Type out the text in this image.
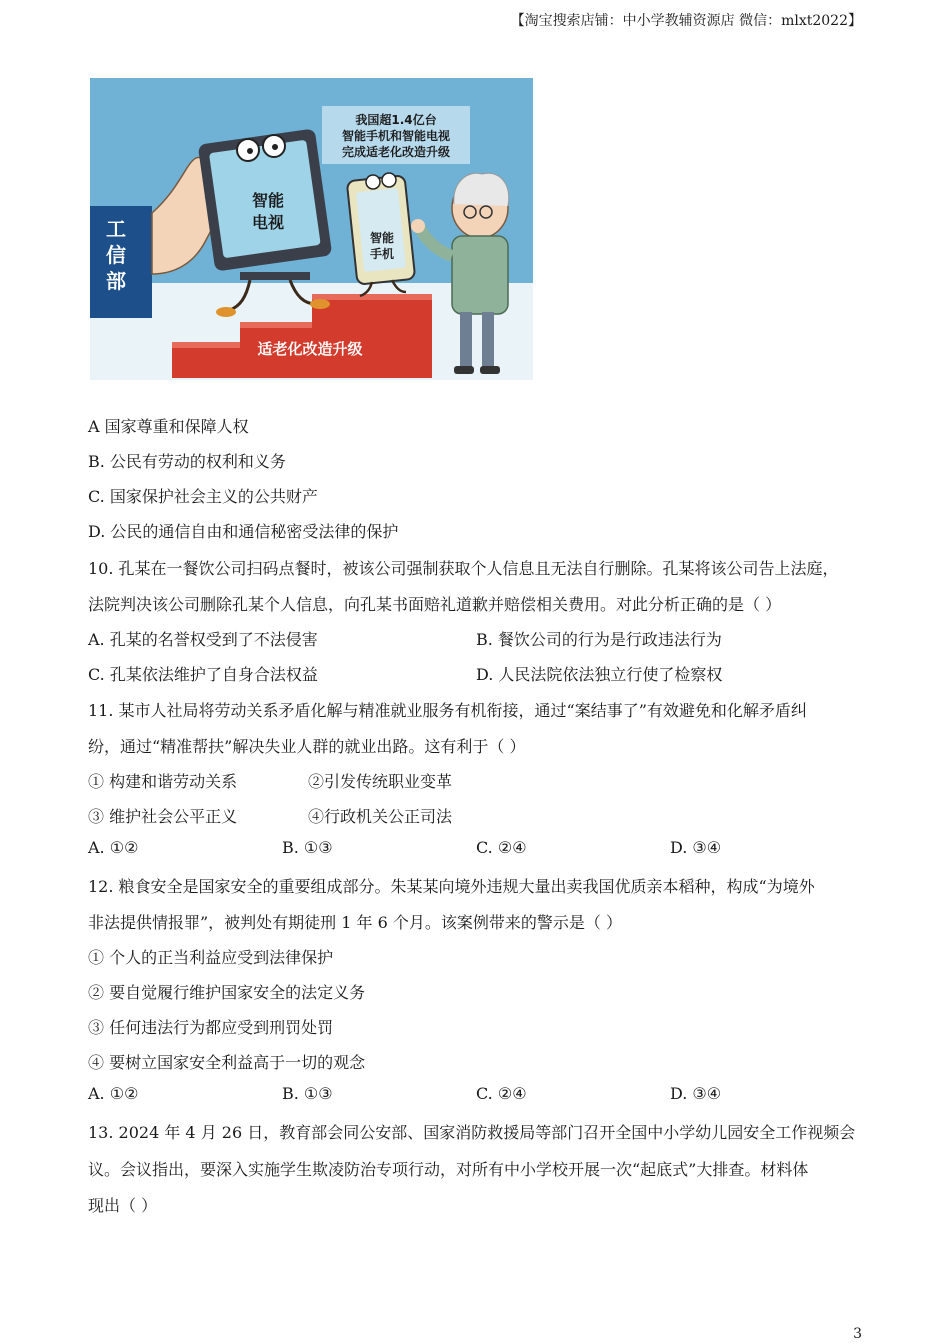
【淘宝搜索店铺：中小学教辅资源店 微信：mlxt2022】
我国超1.4亿台
智能手机和智能电视
完成适老化改造升级
适老化改造升级
工
信
部
智能
电视
智能
手机
A 国家尊重和保障人权
B. 公民有劳动的权利和义务
C. 国家保护社会主义的公共财产
D. 公民的通信自由和通信秘密受法律的保护
10. 孔某在一餐饮公司扫码点餐时，被该公司强制获取个人信息且无法自行删除。孔某将该公司告上法庭，
法院判决该公司删除孔某个人信息，向孔某书面赔礼道歉并赔偿相关费用。对此分析正确的是（ ）
A. 孔某的名誉权受到了不法侵害	B. 餐饮公司的行为是行政违法行为
C. 孔某依法维护了自身合法权益	D. 人民法院依法独立行使了检察权
11. 某市人社局将劳动关系矛盾化解与精准就业服务有机衔接，通过“案结事了”有效避免和化解矛盾纠
纷，通过“精准帮扶”解决失业人群的就业出路。这有利于（ ）
① 构建和谐劳动关系	②引发传统职业变革
③ 维护社会公平正义	④行政机关公正司法
A. ①②	B. ①③	C. ②④	D. ③④
12. 粮食安全是国家安全的重要组成部分。朱某某向境外违规大量出卖我国优质亲本稻种，构成“为境外
非法提供情报罪”，被判处有期徒刑 1 年 6 个月。该案例带来的警示是（ ）
① 个人的正当利益应受到法律保护
② 要自觉履行维护国家安全的法定义务
③ 任何违法行为都应受到刑罚处罚
④ 要树立国家安全利益高于一切的观念
A. ①②	B. ①③	C. ②④	D. ③④
13. 2024 年 4 月 26 日，教育部会同公安部、国家消防救援局等部门召开全国中小学幼儿园安全工作视频会
议。会议指出，要深入实施学生欺凌防治专项行动，对所有中小学校开展一次“起底式”大排查。材料体
现出（ ）
3
